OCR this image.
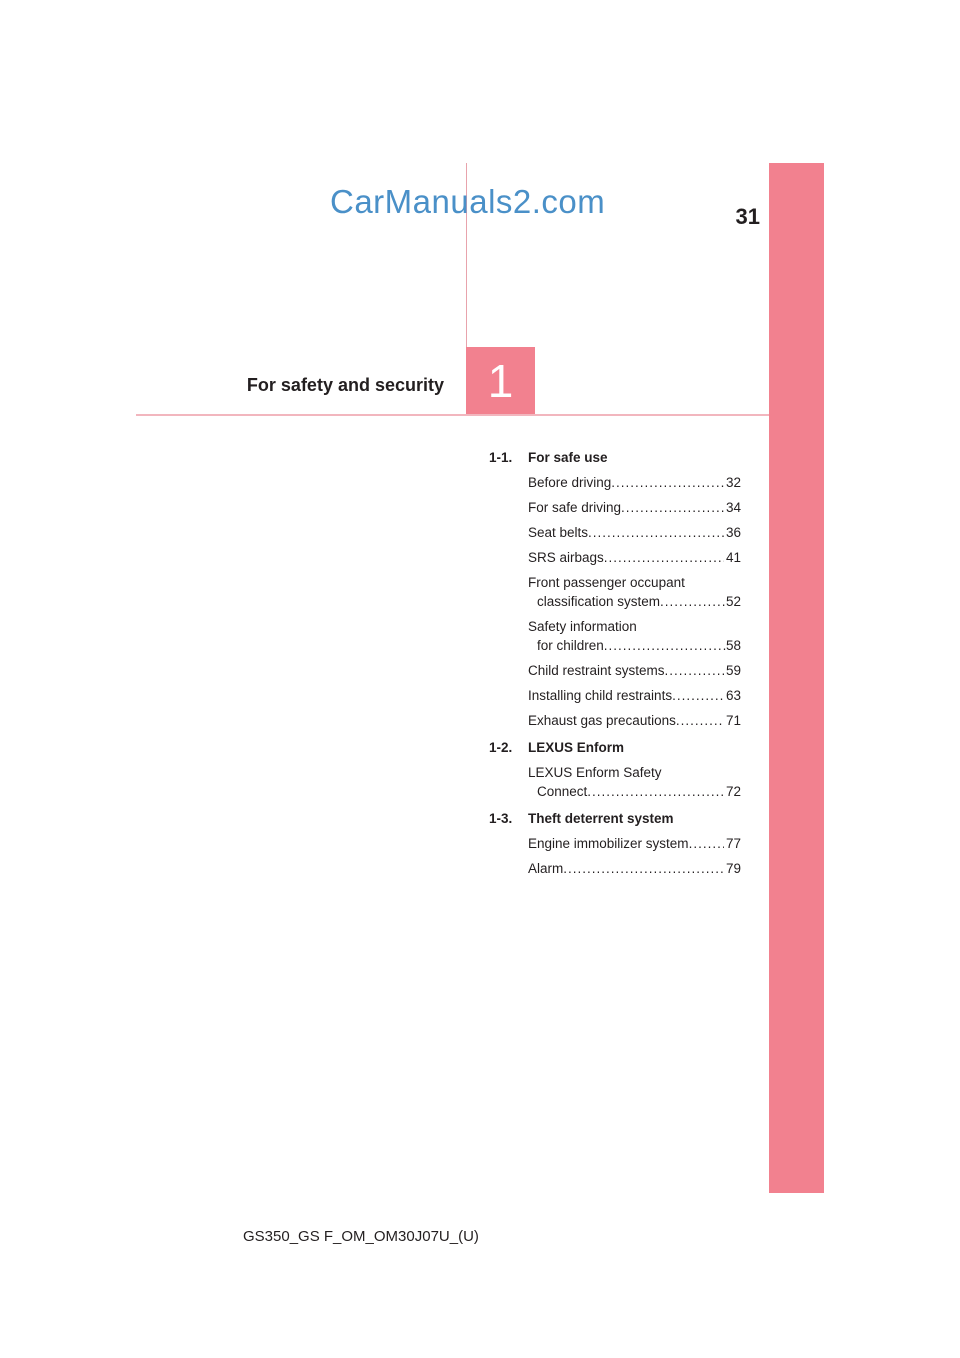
CarManuals2.com	31
For safety and security 1
1-1.	For safe use
Before driving .....	32
For safe driving .....	34
Seat belts .....	36
SRS airbags .....	41
Front passenger occupant
classification system .....	52
Safety information
for children .....	58
Child restraint systems .....	59
Installing child restraints .....	63
Exhaust gas precautions .....	71
1-2.	LEXUS Enform
LEXUS Enform Safety
Connect .....	72
1-3.	Theft deterrent system
Engine immobilizer system .....	77
Alarm .....	79
GS350_GS F_OM_OM30J07U_(U)
